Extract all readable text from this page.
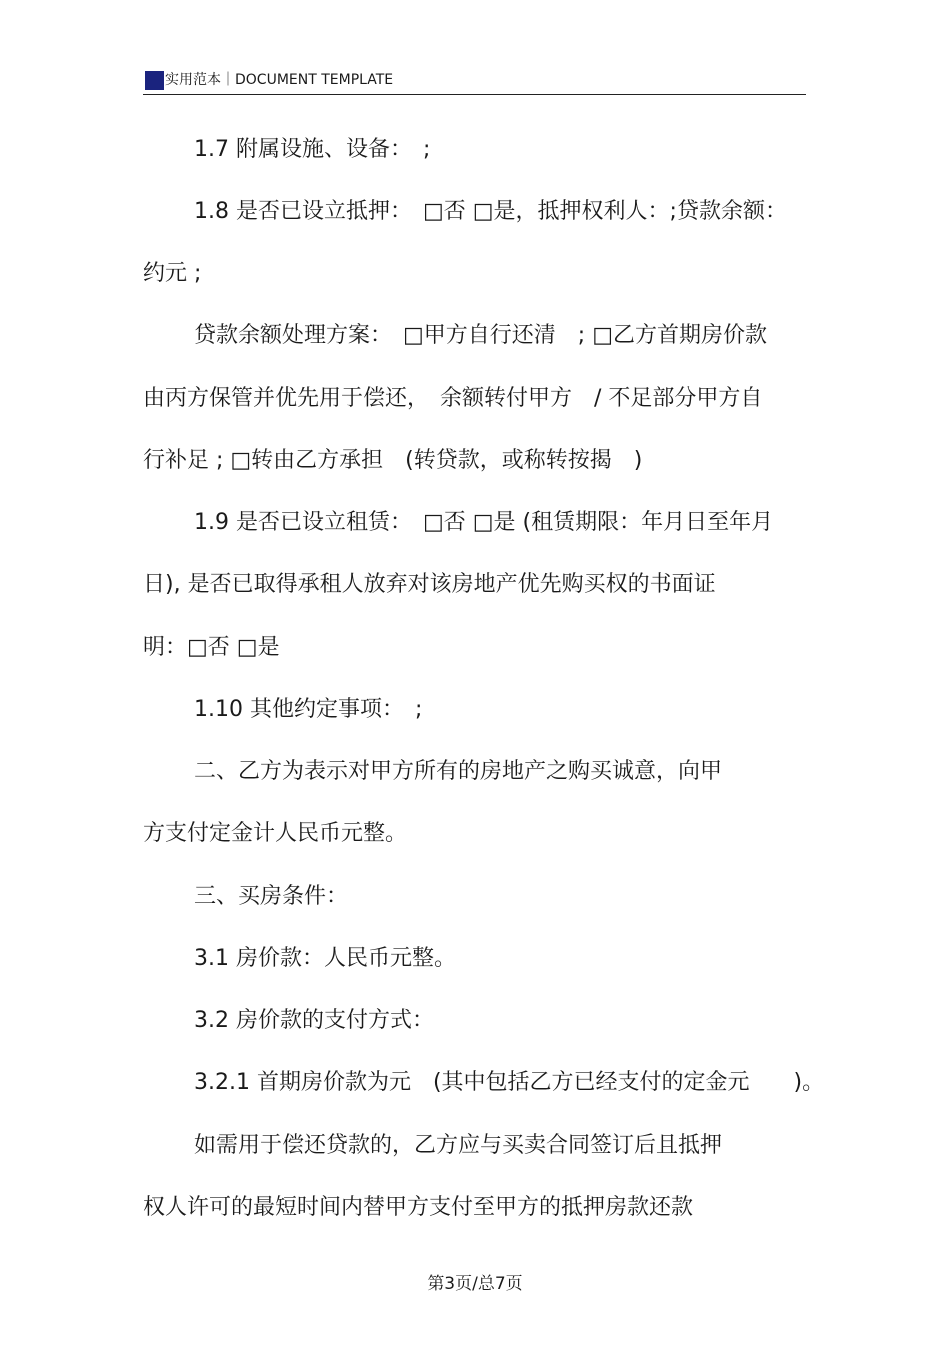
实用范本｜DOCUMENT TEMPLATE
1.7 附属设施、设备：　;
1.8 是否已设立抵押：　□否 □是，抵押权利人：;贷款余额：
约元 ;
贷款余额处理方案：　□甲方自行还清　; □乙方首期房价款
由丙方保管并优先用于偿还，　余额转付甲方　/ 不足部分甲方自
行补足 ; □转由乙方承担　(转贷款，或称转按揭　)
1.9 是否已设立租赁：　□否 □是 (租赁期限：年月日至年月
日), 是否已取得承租人放弃对该房地产优先购买权的书面证
明：□否 □是
1.10 其他约定事项：　;
二、乙方为表示对甲方所有的房地产之购买诚意，向甲
方支付定金计人民币元整。
三、买房条件：
3.1 房价款：人民币元整。
3.2 房价款的支付方式：
3.2.1 首期房价款为元　(其中包括乙方已经支付的定金元　　)。
如需用于偿还贷款的，乙方应与买卖合同签订后且抵押
权人许可的最短时间内替甲方支付至甲方的抵押房款还款
第3页/总7页
